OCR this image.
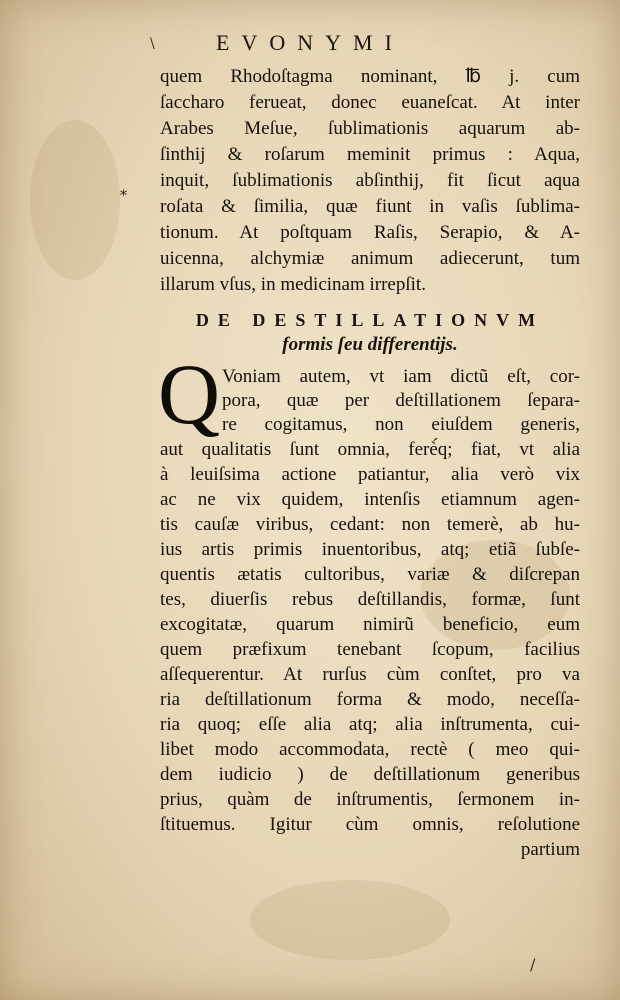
\	EVONYMI
*
quem Rhodoſtagma nominant, ℔ j. cum
ſaccharo ferueat, donec euaneſcat. At inter
Arabes Meſue, ſublimationis aquarum ab-
ſinthij & roſarum meminit primus : Aqua,
inquit, ſublimationis abſinthij, fit ſicut aqua
roſata & ſimilia, quæ fiunt in vaſis ſublima-
tionum. At poſtquam Raſis, Serapio, & A-
uicenna, alchymiæ animum adiecerunt, tum
illarum vſus, in medicinam irrepſit.
DE DESTILLATIONVM
formis ſeu differentijs.
Q Voniam autem, vt iam dictũ eſt, cor-
pora, quæ per deſtillationem ſepara-
re cogitamus, non eiuſdem generis,
aut qualitatis ſunt omnia, ferè́q; fiat, vt alia
à leuiſsima actione patiantur, alia verò vix
ac ne vix quidem, intenſis etiamnum agen-
tis cauſæ viribus, cedant: non temerè, ab hu-
ius artis primis inuentoribus, atq; etiã ſubſe-
quentis ætatis cultoribus, variæ & diſcrepan
tes, diuerſis rebus deſtillandis, formæ, ſunt
excogitatæ, quarum nimirũ beneficio, eum
quem præfixum tenebant ſcopum, facilius
aſſequerentur. At rurſus cùm conſtet, pro va
ria deſtillationum forma & modo, neceſſa-
ria quoq; eſſe alia atq; alia inſtrumenta, cui-
libet modo accommodata, rectè ( meo qui-
dem iudicio ) de deſtillationum generibus
prius, quàm de inſtrumentis, ſermonem in-
ſtituemus. Igitur cùm omnis, reſolutione
partium
/
